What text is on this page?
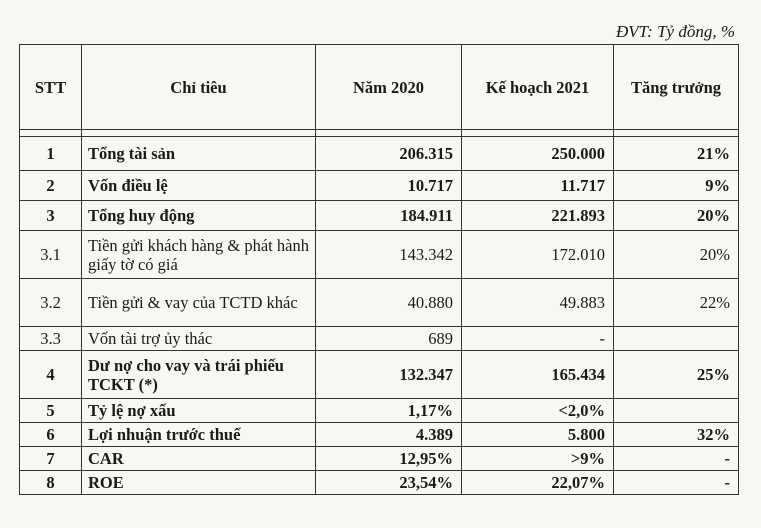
ĐVT: Tỷ đồng, %
STT	Chỉ tiêu	Năm 2020	Kế hoạch 2021	Tăng trưởng

1	Tổng tài sản	206.315	250.000	21%
2	Vốn điều lệ	10.717	11.717	9%
3	Tổng huy động	184.911	221.893	20%
3.1	Tiền gửi khách hàng & phát hành giấy tờ có giá	143.342	172.010	20%
3.2	Tiền gửi & vay của TCTD khác	40.880	49.883	22%
3.3	Vốn tài trợ ủy thác	689	-	
4	Dư nợ cho vay và trái phiếu TCKT (*)	132.347	165.434	25%
5	Tỷ lệ nợ xấu	1,17%	<2,0%	
6	Lợi nhuận trước thuế	4.389	5.800	32%
7	CAR	12,95%	>9%	-
8	ROE	23,54%	22,07%	-
